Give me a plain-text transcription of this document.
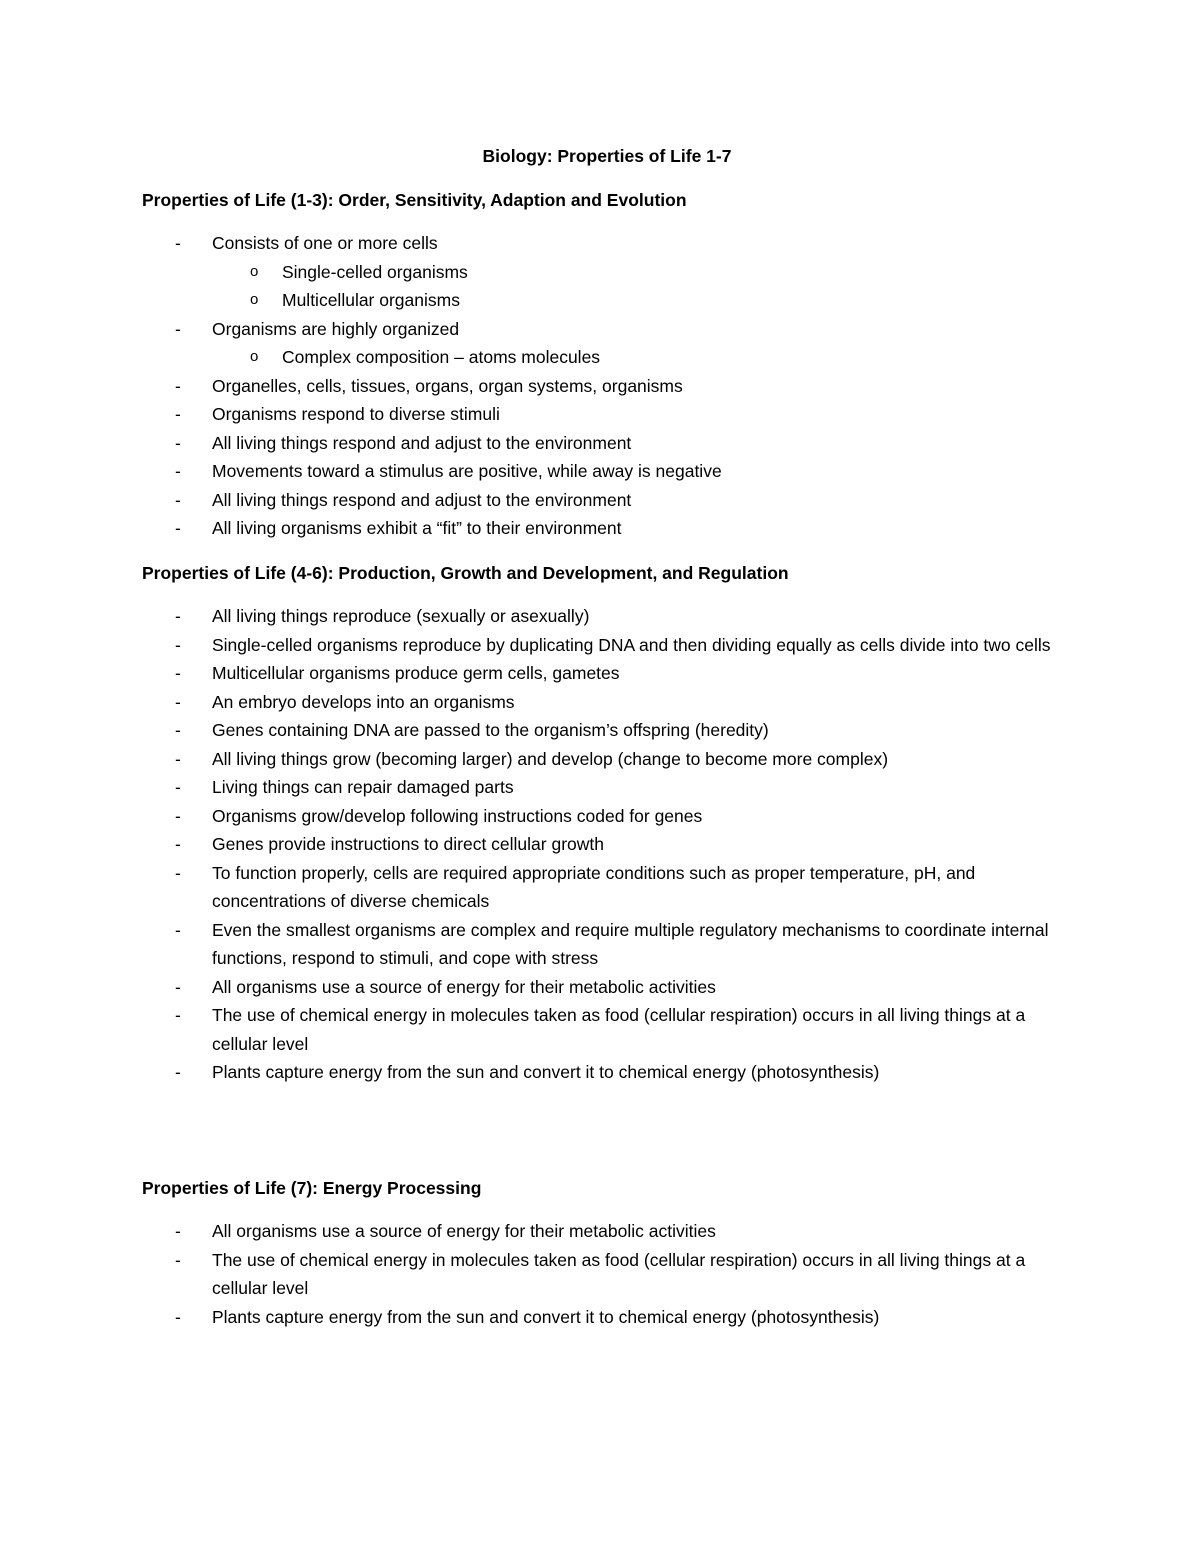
Biology: Properties of Life 1-7
Properties of Life (1-3): Order, Sensitivity, Adaption and Evolution
- Consists of one or more cells
o Single-celled organisms
o Multicellular organisms
- Organisms are highly organized
o Complex composition – atoms molecules
- Organelles, cells, tissues, organs, organ systems, organisms
- Organisms respond to diverse stimuli
- All living things respond and adjust to the environment
- Movements toward a stimulus are positive, while away is negative
- All living things respond and adjust to the environment
- All living organisms exhibit a “fit” to their environment
Properties of Life (4-6): Production, Growth and Development, and Regulation
- All living things reproduce (sexually or asexually)
- Single-celled organisms reproduce by duplicating DNA and then dividing equally as cells divide into two cells
- Multicellular organisms produce germ cells, gametes
- An embryo develops into an organisms
- Genes containing DNA are passed to the organism’s offspring (heredity)
- All living things grow (becoming larger) and develop (change to become more complex)
- Living things can repair damaged parts
- Organisms grow/develop following instructions coded for genes
- Genes provide instructions to direct cellular growth
- To function properly, cells are required appropriate conditions such as proper temperature, pH, and concentrations of diverse chemicals
- Even the smallest organisms are complex and require multiple regulatory mechanisms to coordinate internal functions, respond to stimuli, and cope with stress
- All organisms use a source of energy for their metabolic activities
- The use of chemical energy in molecules taken as food (cellular respiration) occurs in all living things at a cellular level
- Plants capture energy from the sun and convert it to chemical energy (photosynthesis)
Properties of Life (7): Energy Processing
- All organisms use a source of energy for their metabolic activities
- The use of chemical energy in molecules taken as food (cellular respiration) occurs in all living things at a cellular level
- Plants capture energy from the sun and convert it to chemical energy (photosynthesis)
